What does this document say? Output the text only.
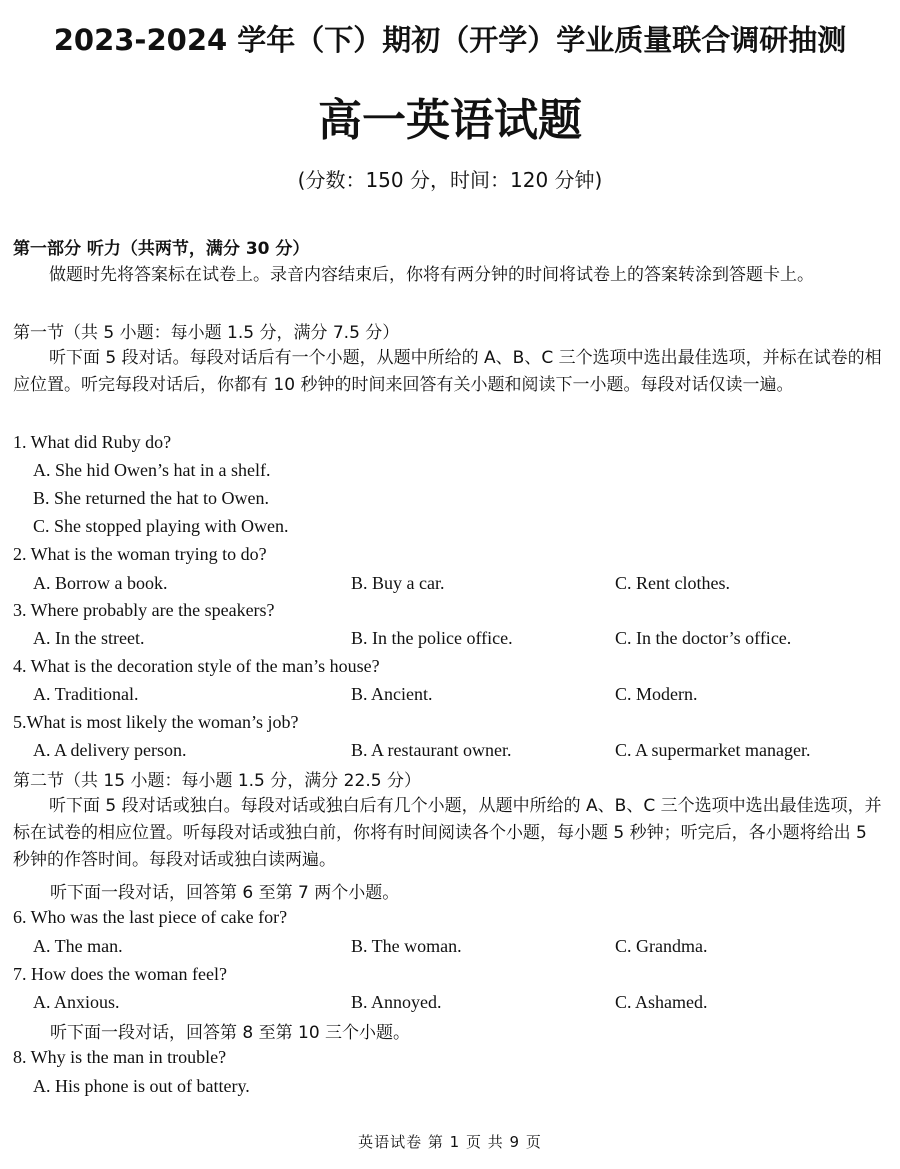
2023-2024 学年（下）期初（开学）学业质量联合调研抽测
高一英语试题
(分数：150 分，时间：120 分钟)
第一部分 听力（共两节，满分 30 分）
做题时先将答案标在试卷上。录音内容结束后，你将有两分钟的时间将试卷上的答案转涂到答题卡上。
第一节（共 5 小题：每小题 1.5 分，满分 7.5 分）
听下面 5 段对话。每段对话后有一个小题，从题中所给的 A、B、C 三个选项中选出最佳选项，并标在试卷的相应位置。听完每段对话后，你都有 10 秒钟的时间来回答有关小题和阅读下一小题。每段对话仅读一遍。
1. What did Ruby do?
A. She hid Owen’s hat in a shelf.
B. She returned the hat to Owen.
C. She stopped playing with Owen.
2. What is the woman trying to do?
A. Borrow a book.	B. Buy a car.	C. Rent clothes.
3. Where probably are the speakers?
A. In the street.	B. In the police office.	C. In the doctor’s office.
4. What is the decoration style of the man’s house?
A. Traditional.	B. Ancient.	C. Modern.
5.What is most likely the woman’s job?
A. A delivery person.	B. A restaurant owner.	C. A supermarket manager.
第二节（共 15 小题：每小题 1.5 分，满分 22.5 分）
听下面 5 段对话或独白。每段对话或独白后有几个小题，从题中所给的 A、B、C 三个选项中选出最佳选项，并标在试卷的相应位置。听每段对话或独白前，你将有时间阅读各个小题，每小题 5 秒钟；听完后，各小题将给出 5 秒钟的作答时间。每段对话或独白读两遍。
听下面一段对话，回答第 6 至第 7 两个小题。
6. Who was the last piece of cake for?
A. The man.	B. The woman.	C. Grandma.
7. How does the woman feel?
A. Anxious.	B. Annoyed.	C. Ashamed.
听下面一段对话，回答第 8 至第 10 三个小题。
8. Why is the man in trouble?
A. His phone is out of battery.
英语试卷 第 1 页 共 9 页
